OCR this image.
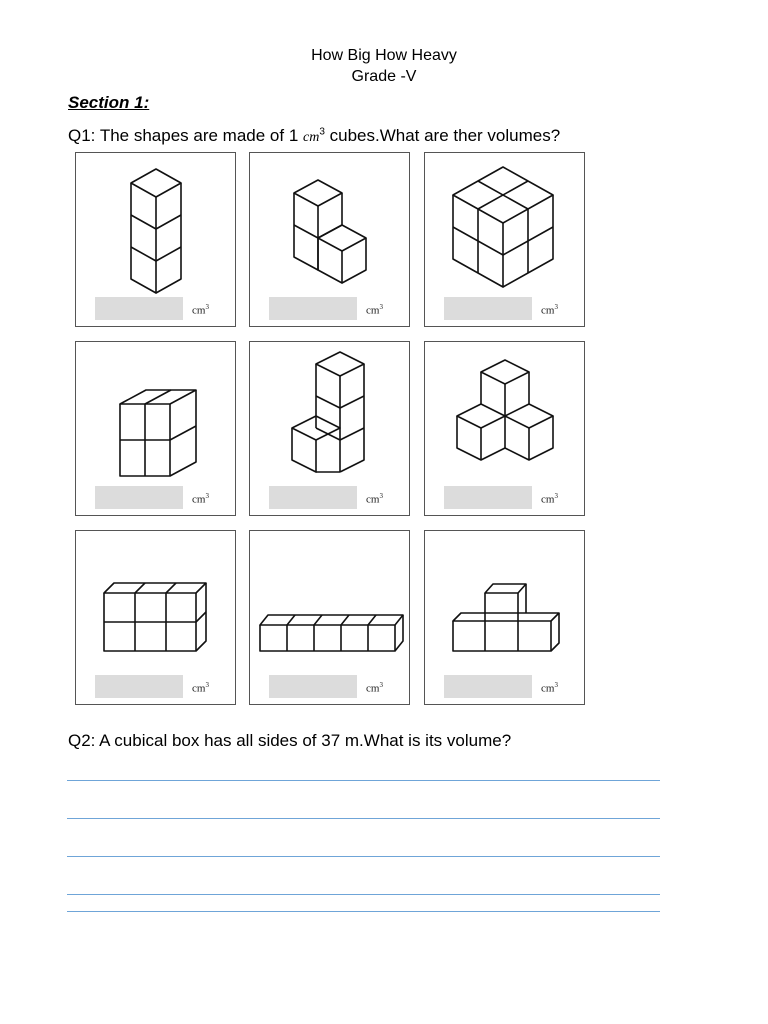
How Big How Heavy
Grade -V
Section 1:
Q1: The shapes are made of 1 $cm^3$ cubes.What are ther volumes?
$cm^3$	$cm^3$	$cm^3$
$cm^3$	$cm^3$	$cm^3$
$cm^3$	$cm^3$	$cm^3$
Q2: A cubical box has all sides of 37 m.What is its volume?
